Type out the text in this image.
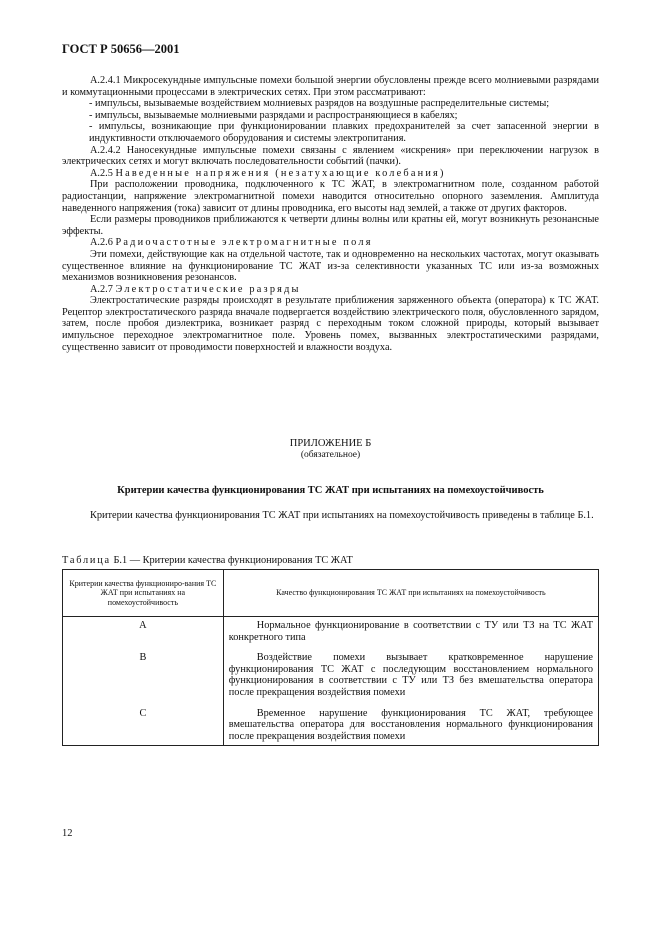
ГОСТ Р 50656—2001

А.2.4.1 Микросекундные импульсные помехи большой энергии обусловлены прежде всего молниевыми разрядами и коммутационными процессами в электрических сетях. При этом рассматривают:

- импульсы, вызываемые воздействием молниевых разрядов на воздушные распределительные системы;

- импульсы, вызываемые молниевыми разрядами и распространяющиеся в кабелях;

- импульсы, возникающие при функционировании плавких предохранителей за счет запасенной энергии в индуктивности отключаемого оборудования и системы электропитания.

А.2.4.2 Наносекундные импульсные помехи связаны с явлением «искрения» при переключении нагрузок в электрических сетях и могут включать последовательности событий (пачки).

А.2.5 Наведенные напряжения (незатухающие колебания)

При расположении проводника, подключенного к ТС ЖАТ, в электромагнитном поле, созданном работой радиостанции, напряжение электромагнитной помехи наводится относительно опорного заземления. Амплитуда наведенного напряжения (тока) зависит от длины проводника, его высоты над землей, а также от других факторов.

Если размеры проводников приближаются к четверти длины волны или кратны ей, могут возникнуть резонансные эффекты.

А.2.6 Радиочастотные электромагнитные поля

Эти помехи, действующие как на отдельной частоте, так и одновременно на нескольких частотах, могут оказывать существенное влияние на функционирование ТС ЖАТ из-за селективности указанных ТС или из-за возможных механизмов возникновения резонансов.

А.2.7 Электростатические разряды

Электростатические разряды происходят в результате приближения заряженного объекта (оператора) к ТС ЖАТ. Рецептор электростатического разряда вначале подвергается воздействию электрического поля, обусловленного зарядом, затем, после пробоя диэлектрика, возникает разряд с переходным током сложной природы, который вызывает импульсное переходное электромагнитное поле. Уровень помех, вызванных электростатическими разрядами, существенно зависит от проводимости поверхностей и влажности воздуха.

ПРИЛОЖЕНИЕ Б
(обязательное)
Критерии качества функционирования ТС ЖАТ при испытаниях на помехоустойчивость
Критерии качества функционирования ТС ЖАТ при испытаниях на помехоустойчивость приведены в таблице Б.1.
Таблица Б.1 — Критерии качества функционирования ТС ЖАТ
Критерии качества функциониро-вания ТС ЖАТ при испытаниях на помехоустойчивость	Качество функционирования ТС ЖАТ при испытаниях на помехоустойчивость
A	Нормальное функционирование в соответствии с ТУ или ТЗ на ТС ЖАТ конкретного типа

B	Воздействие помехи вызывает кратковременное нарушение функционирования ТС ЖАТ с последующим восстановлением нормального функционирования в соответствии с ТУ или ТЗ без вмешательства оператора после прекращения воздействия помехи

C	Временное нарушение функционирования ТС ЖАТ, требующее вмешательства оператора для восстановления нормального функционирования после прекращения воздействия помехи
12
